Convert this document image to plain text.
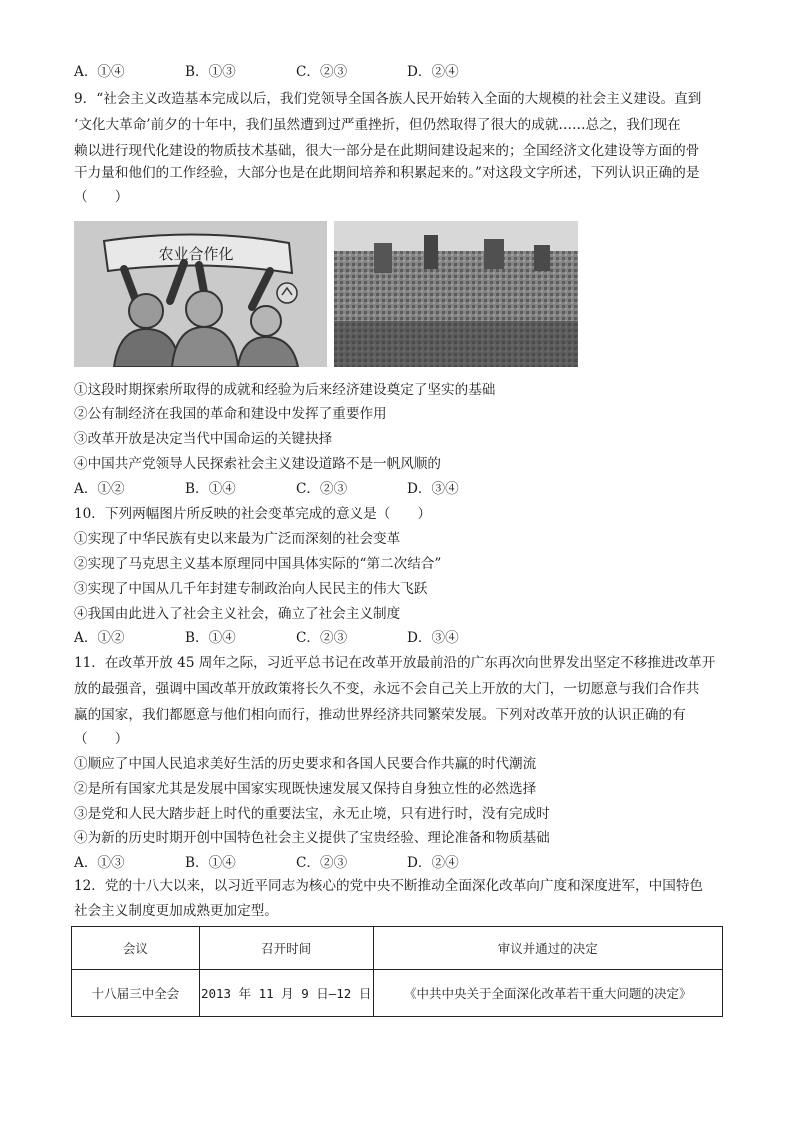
A．①④	B．①③	C．②③	D．②④
9．“社会主义改造基本完成以后，我们党领导全国各族人民开始转入全面的大规模的社会主义建设。直到
‘文化大革命’前夕的十年中，我们虽然遭到过严重挫折，但仍然取得了很大的成就……总之，我们现在
赖以进行现代化建设的物质技术基础，很大一部分是在此期间建设起来的；全国经济文化建设等方面的骨
干力量和他们的工作经验，大部分也是在此期间培养和积累起来的。”对这段文字所述，下列认识正确的是
（　　）
农业合作化
①这段时期探索所取得的成就和经验为后来经济建设奠定了坚实的基础
②公有制经济在我国的革命和建设中发挥了重要作用
③改革开放是决定当代中国命运的关键抉择
④中国共产党领导人民探索社会主义建设道路不是一帆风顺的
A．①②	B．①④	C．②③	D．③④
10．下列两幅图片所反映的社会变革完成的意义是（　　）
①实现了中华民族有史以来最为广泛而深刻的社会变革
②实现了马克思主义基本原理同中国具体实际的“第二次结合”
③实现了中国从几千年封建专制政治向人民民主的伟大飞跃
④我国由此进入了社会主义社会，确立了社会主义制度
A．①②	B．①④	C．②③	D．③④
11．在改革开放 45 周年之际，习近平总书记在改革开放最前沿的广东再次向世界发出坚定不移推进改革开
放的最强音，强调中国改革开放政策将长久不变，永远不会自己关上开放的大门，一切愿意与我们合作共
赢的国家，我们都愿意与他们相向而行，推动世界经济共同繁荣发展。下列对改革开放的认识正确的有
（　　）
①顺应了中国人民追求美好生活的历史要求和各国人民要合作共赢的时代潮流
②是所有国家尤其是发展中国家实现既快速发展又保持自身独立性的必然选择
③是党和人民大踏步赶上时代的重要法宝，永无止境，只有进行时，没有完成时
④为新的历史时期开创中国特色社会主义提供了宝贵经验、理论准备和物质基础
A．①③	B．①④	C．②③	D．②④
12．党的十八大以来，以习近平同志为核心的党中央不断推动全面深化改革向广度和深度进军，中国特色
社会主义制度更加成熟更加定型。
会议	召开时间	审议并通过的决定
十八届三中全会	2013 年 11 月 9 日—12 日	《中共中央关于全面深化改革若干重大问题的决定》
